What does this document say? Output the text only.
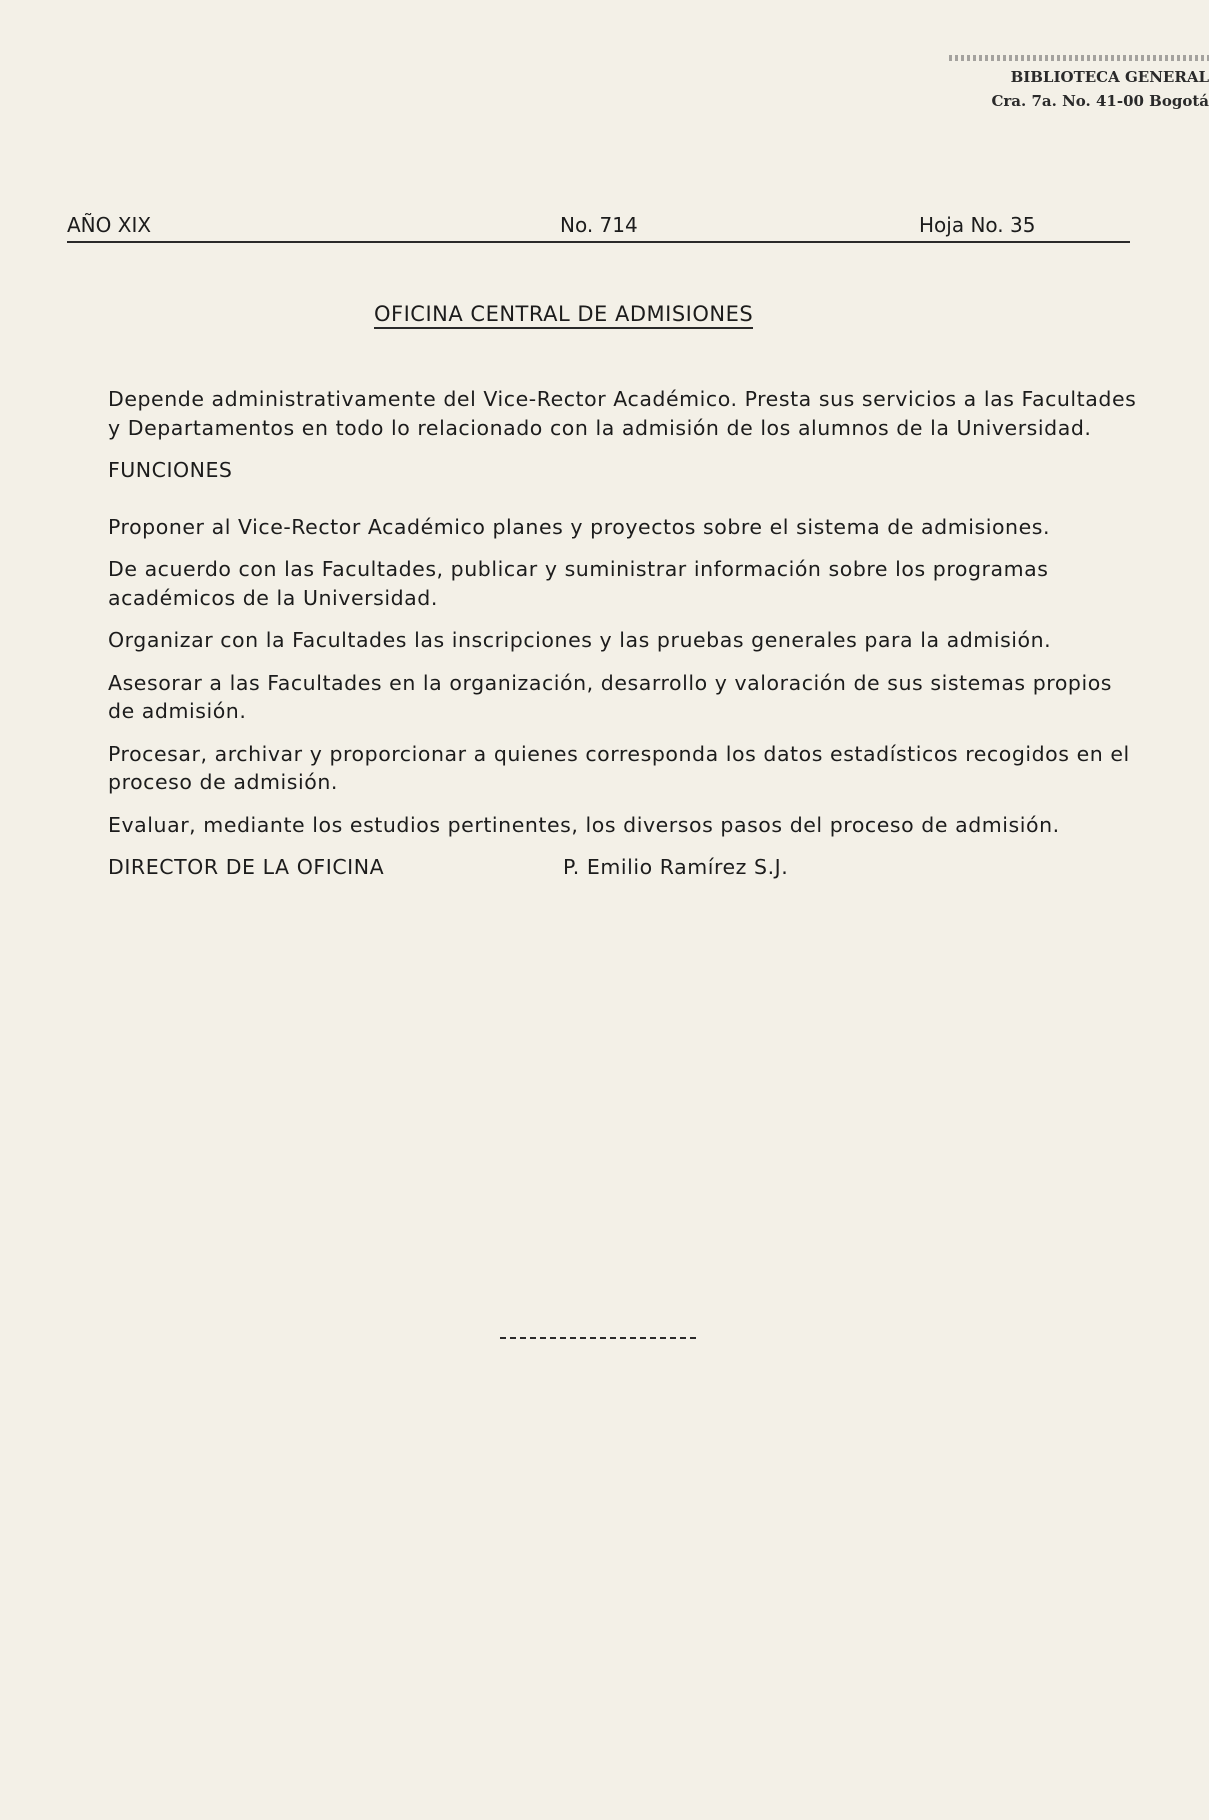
BIBLIOTECA GENERAL
Cra. 7a. No. 41-00 Bogotá
AÑO XIX	No. 714	Hoja No. 35
OFICINA CENTRAL DE ADMISIONES

Depende administrativamente del Vice-Rector Académico. Presta sus servicios a las Facultades y Departamentos en todo lo relacionado con la admisión de los alumnos de la Universidad.

FUNCIONES

Proponer al Vice-Rector Académico planes y proyectos sobre el sistema de admisiones.

De acuerdo con las Facultades, publicar y suministrar información sobre los programas académicos de la Universidad.

Organizar con la Facultades las inscripciones y las pruebas generales para la admisión.

Asesorar a las Facultades en la organización, desarrollo y valoración de sus sistemas propios de admisión.

Procesar, archivar y proporcionar a quienes corresponda los datos estadísticos recogidos en el proceso de admisión.

Evaluar, mediante los estudios pertinentes, los diversos pasos del proceso de admisión.

DIRECTOR DE LA OFICINA	P. Emilio Ramírez S.J.
